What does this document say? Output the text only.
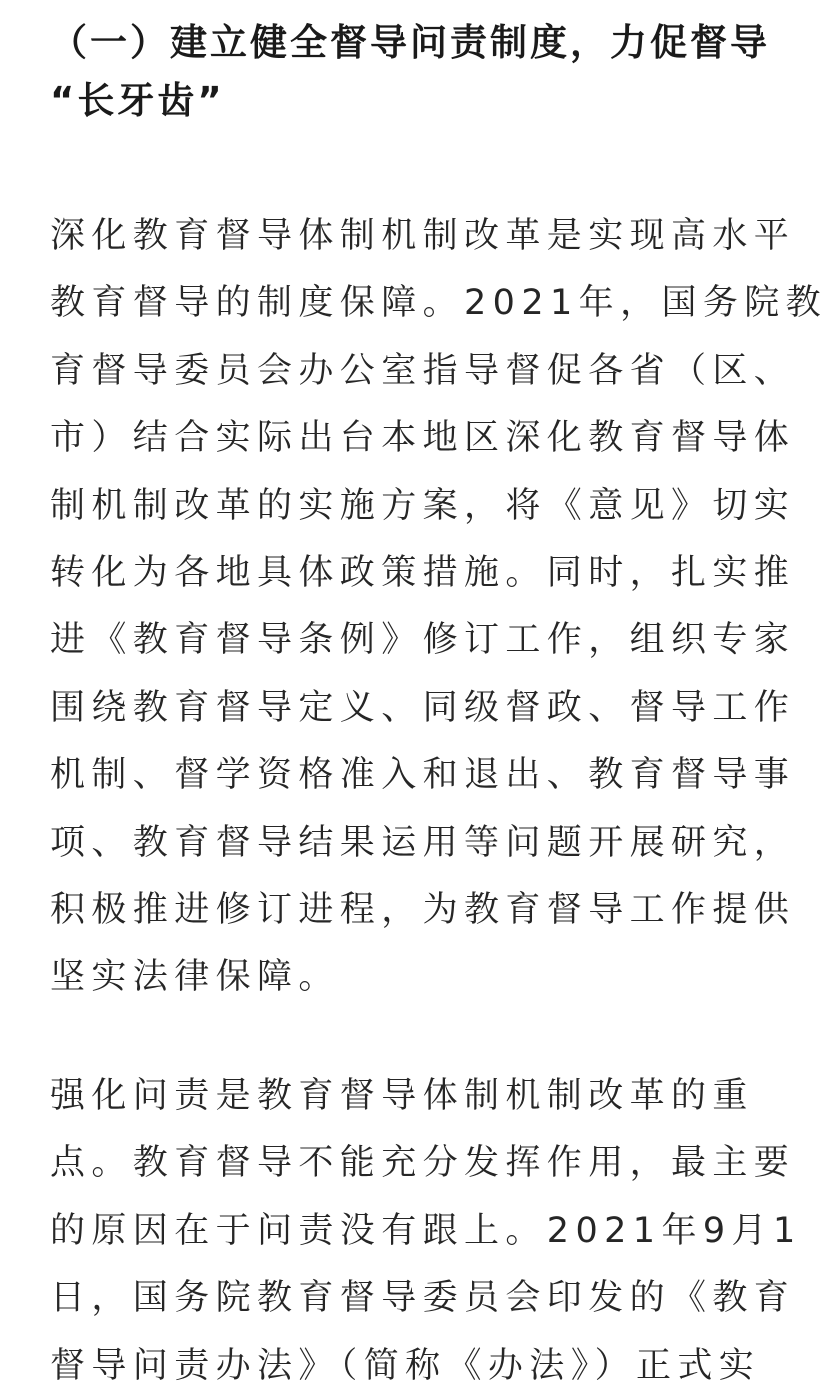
（一）建立健全督导问责制度，力促督导
“长牙齿”
深化教育督导体制机制改革是实现高水平
教育督导的制度保障。2021年，国务院教
育督导委员会办公室指导督促各省（区、
市）结合实际出台本地区深化教育督导体
制机制改革的实施方案，将《意见》切实
转化为各地具体政策措施。同时，扎实推
进《教育督导条例》修订工作，组织专家
围绕教育督导定义、同级督政、督导工作
机制、督学资格准入和退出、教育督导事
项、教育督导结果运用等问题开展研究，
积极推进修订进程，为教育督导工作提供
坚实法律保障。
强化问责是教育督导体制机制改革的重
点。教育督导不能充分发挥作用，最主要
的原因在于问责没有跟上。2021年9月1
日，国务院教育督导委员会印发的《教育
督导问责办法》（简称《办法》）正式实
